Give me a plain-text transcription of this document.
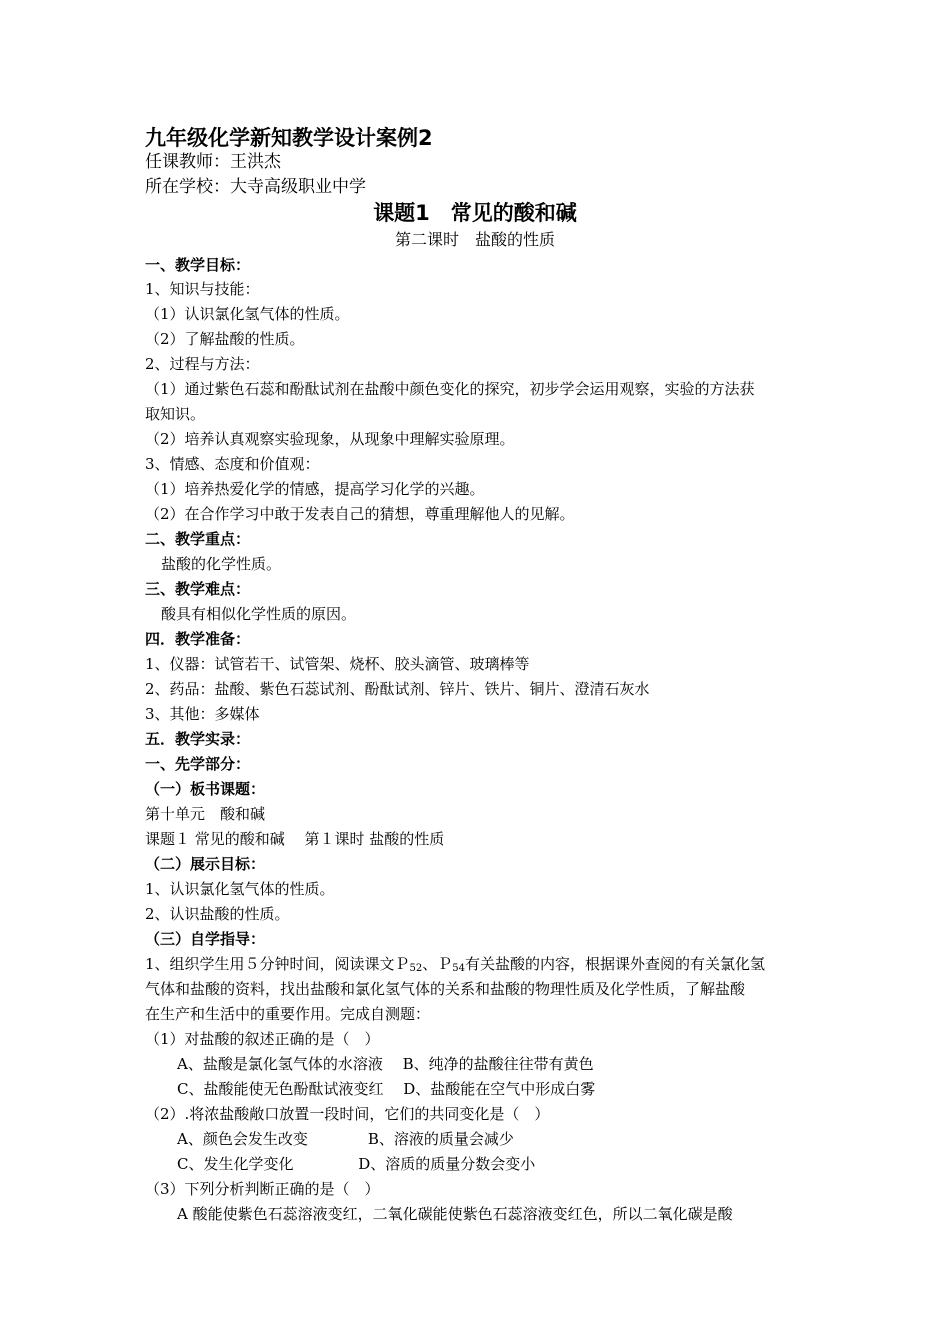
九年级化学新知教学设计案例2
任课教师：王洪杰
所在学校：大寺高级职业中学
课题1　常见的酸和碱
第二课时　盐酸的性质
一、教学目标：
1、知识与技能：
（1）认识氯化氢气体的性质。
（2）了解盐酸的性质。
2、过程与方法：
（1）通过紫色石蕊和酚酞试剂在盐酸中颜色变化的探究，初步学会运用观察，实验的方法获
取知识。
（2）培养认真观察实验现象，从现象中理解实验原理。
3、情感、态度和价值观：
（1）培养热爱化学的情感，提高学习化学的兴趣。
（2）在合作学习中敢于发表自己的猜想，尊重理解他人的见解。
二、教学重点：
盐酸的化学性质。
三、教学难点：
酸具有相似化学性质的原因。
四．教学准备：
1、仪器：试管若干、试管架、烧杯、胶头滴管、玻璃棒等
2、药品：盐酸、紫色石蕊试剂、酚酞试剂、锌片、铁片、铜片、澄清石灰水
3、其他：多媒体
五．教学实录：
一、先学部分：
（一）板书课题：
第十单元　酸和碱
课题１ 常见的酸和碱　 第１课时 盐酸的性质
（二）展示目标：
1、认识氯化氢气体的性质。
2、认识盐酸的性质。
（三）自学指导：
1、组织学生用５分钟时间，阅读课文Ｐ$_{52}$、Ｐ$_{54}$有关盐酸的内容，根据课外查阅的有关氯化氢
气体和盐酸的资料，找出盐酸和氯化氢气体的关系和盐酸的物理性质及化学性质，了解盐酸
在生产和生活中的重要作用。完成自测题：
（1）对盐酸的叙述正确的是（　）
A、盐酸是氯化氢气体的水溶液　 B、纯净的盐酸往往带有黄色
C、盐酸能使无色酚酞试液变红　 D、盐酸能在空气中形成白雾
（2）.将浓盐酸敞口放置一段时间，它们的共同变化是（　）
A、颜色会发生改变　　　　B、溶液的质量会减少
C、发生化学变化　　　　 D、溶质的质量分数会变小
（3）下列分析判断正确的是（　）
A 酸能使紫色石蕊溶液变红，二氧化碳能使紫色石蕊溶液变红色，所以二氧化碳是酸
